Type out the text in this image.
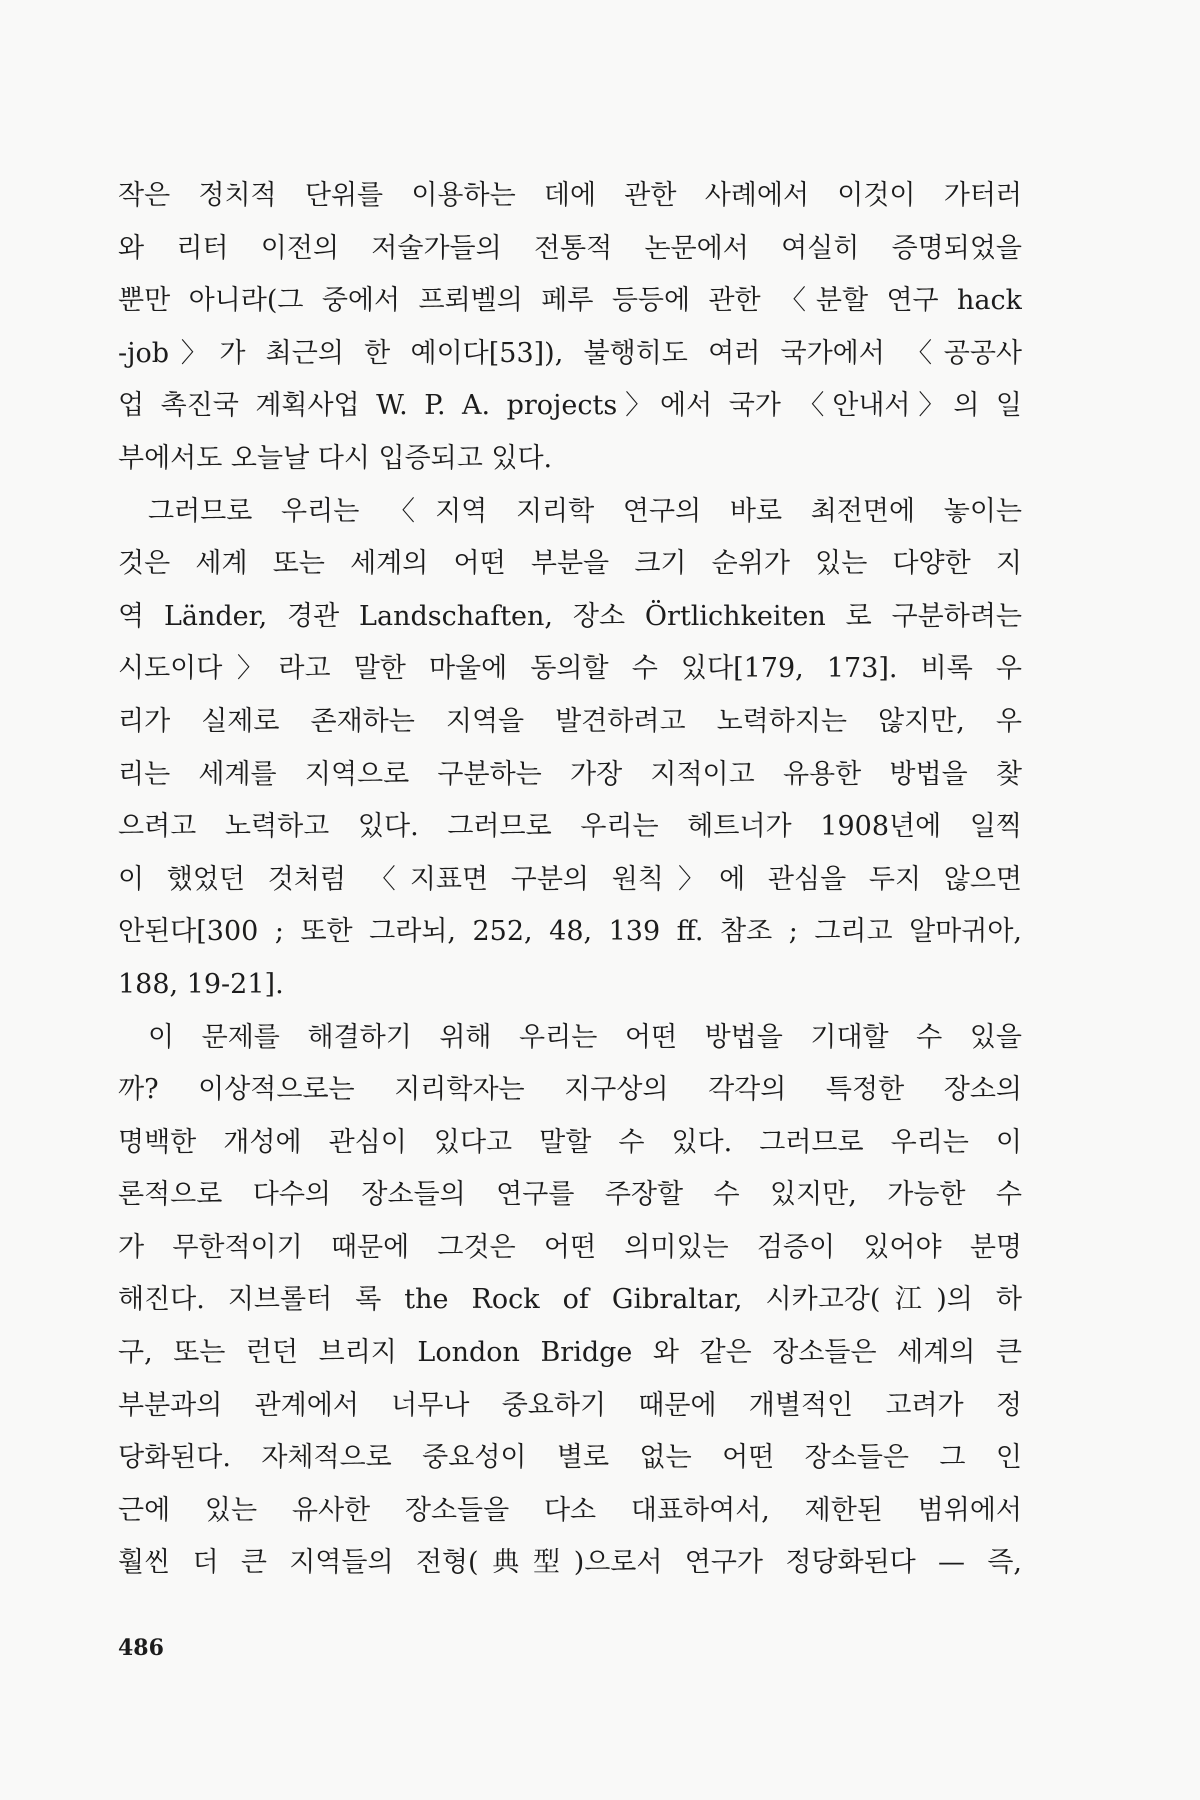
작은 정치적 단위를 이용하는 데에 관한 사례에서 이것이 가터러
와 리터 이전의 저술가들의 전통적 논문에서 여실히 증명되었을
뿐만 아니라(그 중에서 프뢰벨의 페루 등등에 관한 〈분할 연구 hack
-job〉가 최근의 한 예이다[53]), 불행히도 여러 국가에서 〈공공사
업 촉진국 계획사업 W. P. A. projects〉에서 국가 〈안내서〉의 일
부에서도 오늘날 다시 입증되고 있다.
그러므로 우리는 〈지역 지리학 연구의 바로 최전면에 놓이는
것은 세계 또는 세계의 어떤 부분을 크기 순위가 있는 다양한 지
역 Länder, 경관 Landschaften, 장소 Örtlichkeiten 로 구분하려는
시도이다〉라고 말한 마울에 동의할 수 있다[179, 173]. 비록 우
리가 실제로 존재하는 지역을 발견하려고 노력하지는 않지만, 우
리는 세계를 지역으로 구분하는 가장 지적이고 유용한 방법을 찾
으려고 노력하고 있다. 그러므로 우리는 헤트너가 1908년에 일찍
이 했었던 것처럼 〈지표면 구분의 원칙〉에 관심을 두지 않으면
안된다[300 ; 또한 그라뇌, 252, 48, 139 ff. 참조 ; 그리고 알마귀아,
188, 19-21].
이 문제를 해결하기 위해 우리는 어떤 방법을 기대할 수 있을
까? 이상적으로는 지리학자는 지구상의 각각의 특정한 장소의
명백한 개성에 관심이 있다고 말할 수 있다. 그러므로 우리는 이
론적으로 다수의 장소들의 연구를 주장할 수 있지만, 가능한 수
가 무한적이기 때문에 그것은 어떤 의미있는 검증이 있어야 분명
해진다. 지브롤터 록 the Rock of Gibraltar, 시카고강(江)의 하
구, 또는 런던 브리지 London Bridge 와 같은 장소들은 세계의 큰
부분과의 관계에서 너무나 중요하기 때문에 개별적인 고려가 정
당화된다. 자체적으로 중요성이 별로 없는 어떤 장소들은 그 인
근에 있는 유사한 장소들을 다소 대표하여서, 제한된 범위에서
훨씬 더 큰 지역들의 전형(典型)으로서 연구가 정당화된다 — 즉,
486
